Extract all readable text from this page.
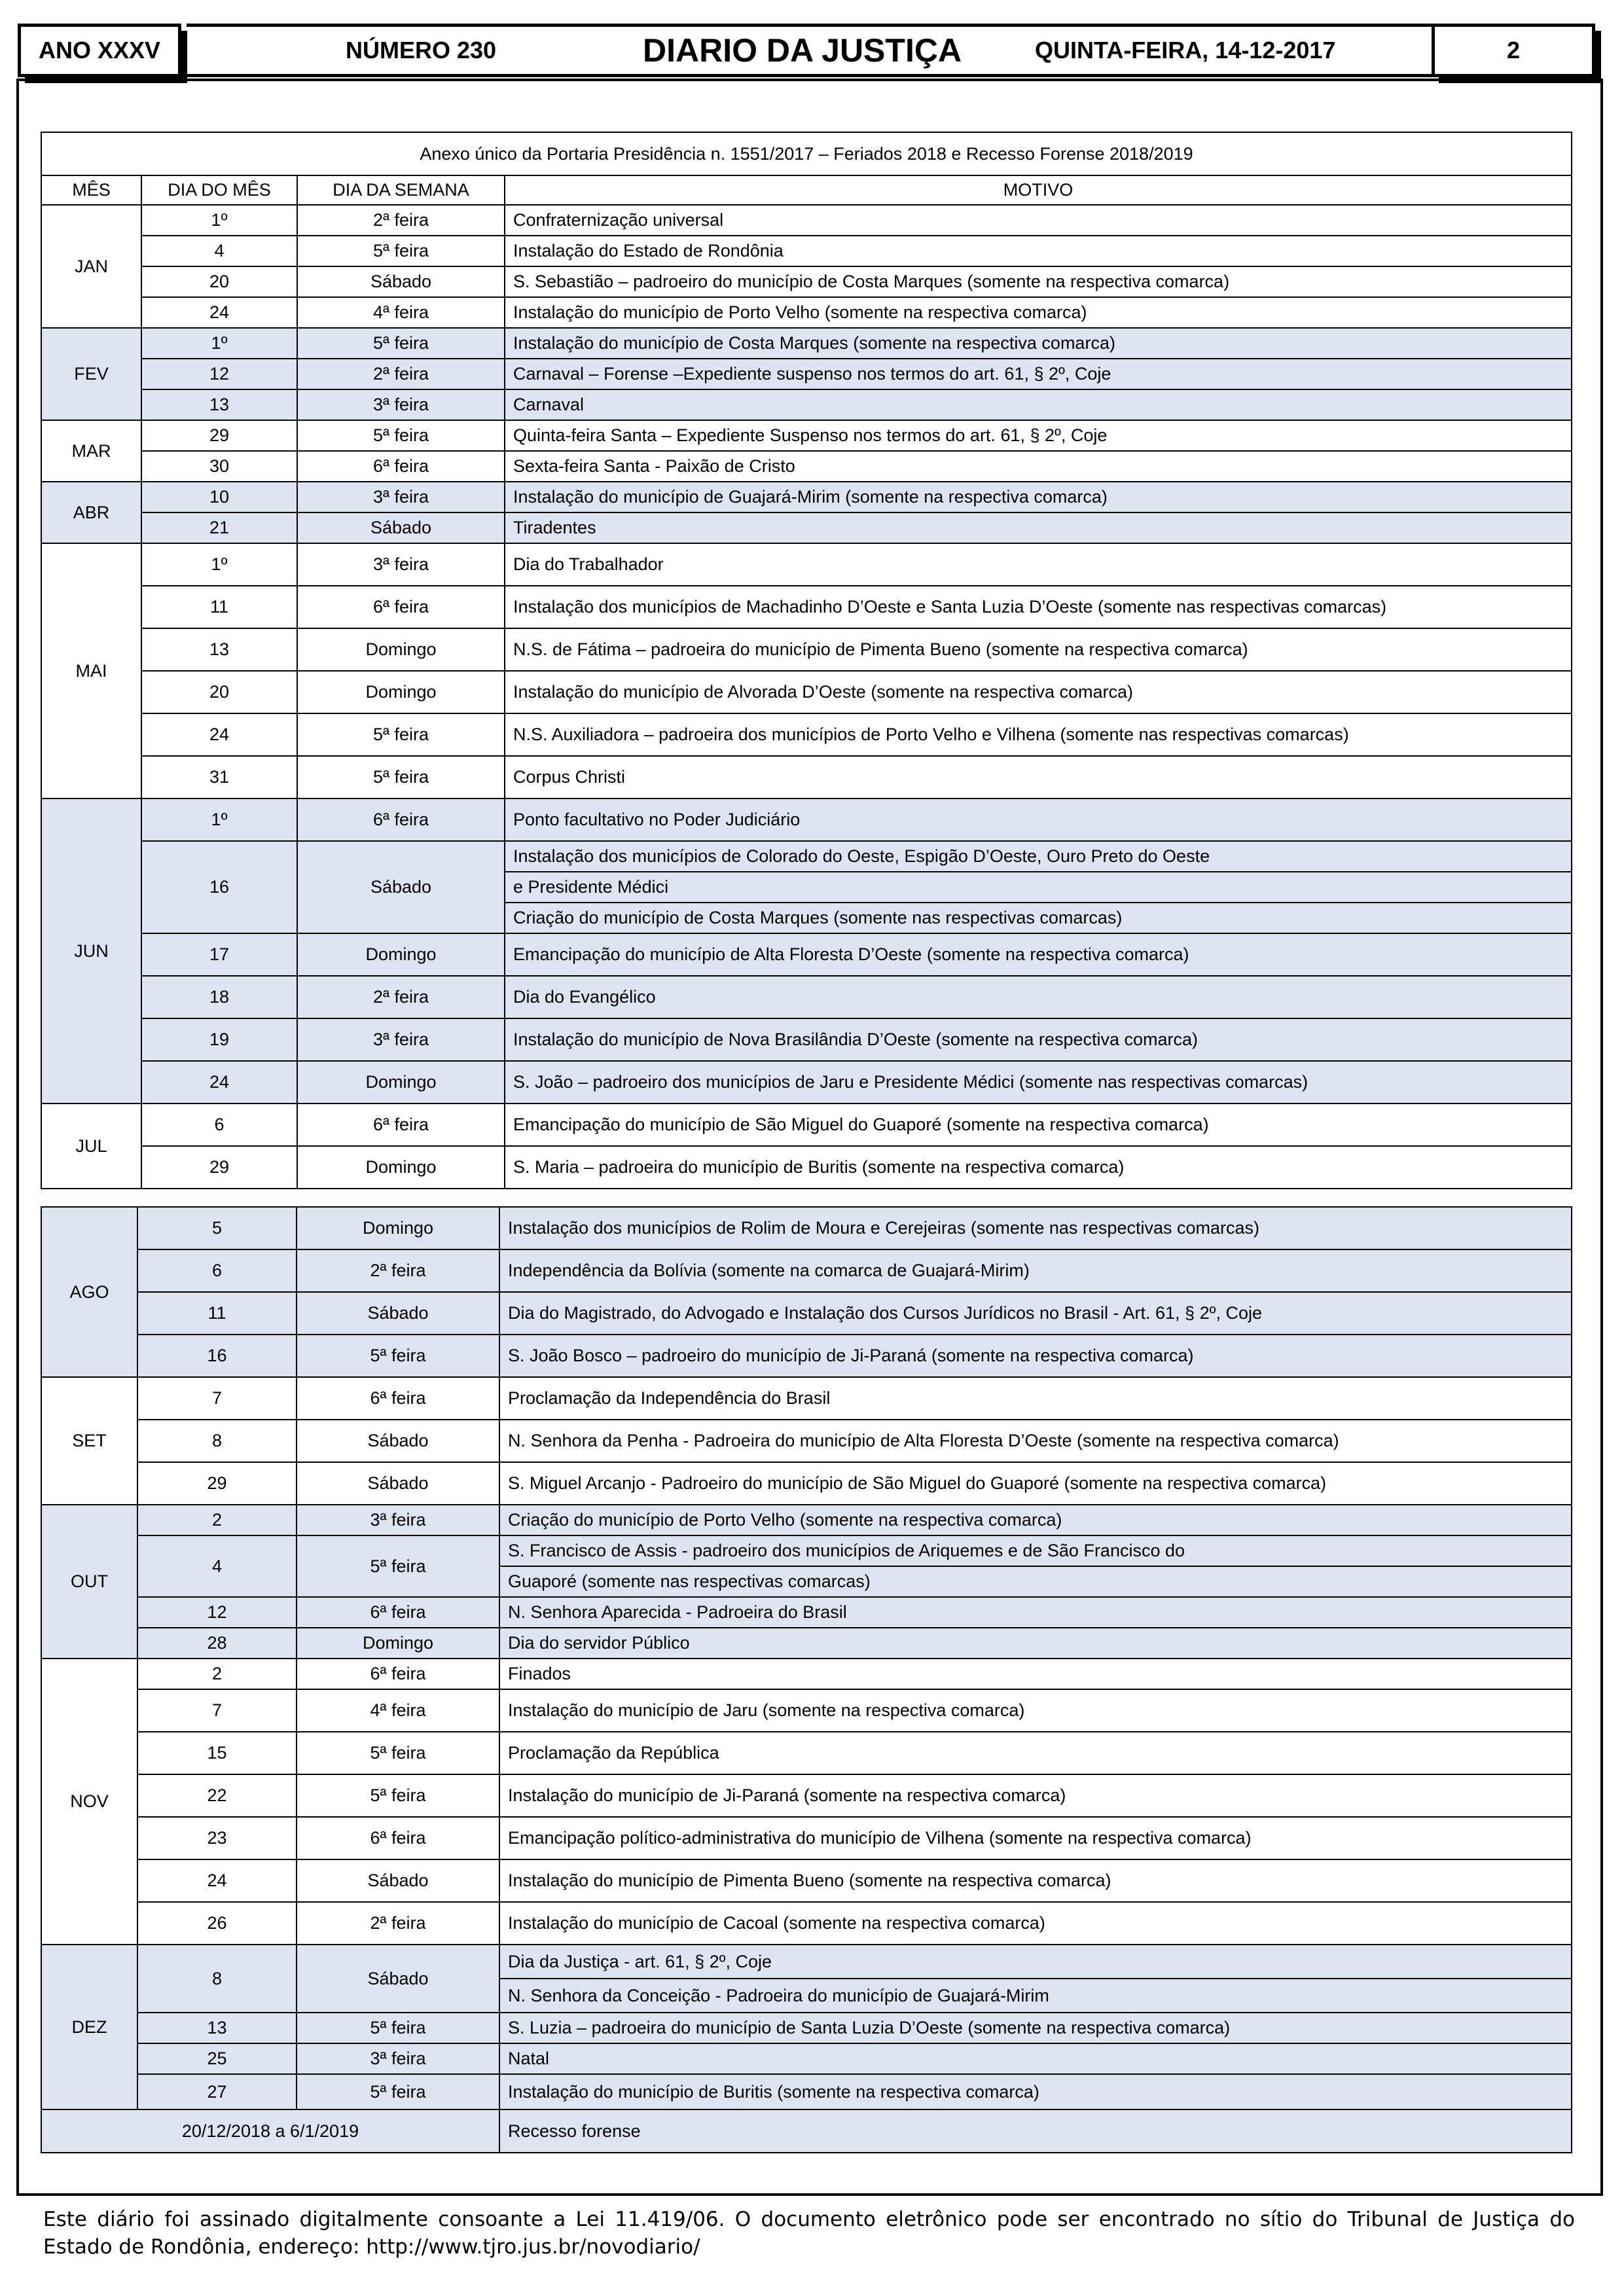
ANO XXXV	NÚMERO 230	DIARIO DA JUSTIÇA	QUINTA-FEIRA, 14-12-2017	2
Anexo único da Portaria Presidência n. 1551/2017 – Feriados 2018 e Recesso Forense 2018/2019			
MÊS	DIA DO MÊS	DIA DA SEMANA	MOTIVO
JAN	1º	2ª feira	Confraternização universal
	4	5ª feira	Instalação do Estado de Rondônia
	20	Sábado	S. Sebastião – padroeiro do município de Costa Marques (somente na respectiva comarca)
	24	4ª feira	Instalação do município de Porto Velho (somente na respectiva comarca)
FEV	1º	5ª feira	Instalação do município de Costa Marques (somente na respectiva comarca)
	12	2ª feira	Carnaval – Forense –Expediente suspenso nos termos do art. 61, § 2º, Coje
	13	3ª feira	Carnaval
MAR	29	5ª feira	Quinta-feira Santa – Expediente Suspenso nos termos do art. 61, § 2º, Coje
	30	6ª feira	Sexta-feira Santa - Paixão de Cristo
ABR	10	3ª feira	Instalação do município de Guajará-Mirim (somente na respectiva comarca)
	21	Sábado	Tiradentes
MAI	1º	3ª feira	Dia do Trabalhador
	11	6ª feira	Instalação dos municípios de Machadinho D’Oeste e Santa Luzia D’Oeste (somente nas respectivas comarcas)
	13	Domingo	N.S. de Fátima – padroeira do município de Pimenta Bueno (somente na respectiva comarca)
	20	Domingo	Instalação do município de Alvorada D’Oeste (somente na respectiva comarca)
	24	5ª feira	N.S. Auxiliadora – padroeira dos municípios de Porto Velho e Vilhena (somente nas respectivas comarcas)
	31	5ª feira	Corpus Christi
JUN	1º	6ª feira	Ponto facultativo no Poder Judiciário
	16	Sábado	Instalação dos municípios de Colorado do Oeste, Espigão D’Oeste, Ouro Preto do Oeste
			e Presidente Médici
			Criação do município de Costa Marques (somente nas respectivas comarcas)
	17	Domingo	Emancipação do município de Alta Floresta D’Oeste (somente na respectiva comarca)
	18	2ª feira	Dia do Evangélico
	19	3ª feira	Instalação do município de Nova Brasilândia D’Oeste (somente na respectiva comarca)
	24	Domingo	S. João – padroeiro dos municípios de Jaru e Presidente Médici (somente nas respectivas comarcas)
JUL	6	6ª feira	Emancipação do município de São Miguel do Guaporé (somente na respectiva comarca)
	29	Domingo	S. Maria – padroeira do município de Buritis (somente na respectiva comarca)
AGO	5	Domingo	Instalação dos municípios de Rolim de Moura e Cerejeiras (somente nas respectivas comarcas)
	6	2ª feira	Independência da Bolívia (somente na comarca de Guajará-Mirim)
	11	Sábado	Dia do Magistrado, do Advogado e Instalação dos Cursos Jurídicos no Brasil - Art. 61, § 2º, Coje
	16	5ª feira	S. João Bosco – padroeiro do município de Ji-Paraná (somente na respectiva comarca)
SET	7	6ª feira	Proclamação da Independência do Brasil
	8	Sábado	N. Senhora da Penha - Padroeira do município de Alta Floresta D’Oeste (somente na respectiva comarca)
	29	Sábado	S. Miguel Arcanjo - Padroeiro do município de São Miguel do Guaporé (somente na respectiva comarca)
OUT	2	3ª feira	Criação do município de Porto Velho (somente na respectiva comarca)
	4	5ª feira	S. Francisco de Assis - padroeiro dos municípios de Ariquemes e de São Francisco do
			Guaporé (somente nas respectivas comarcas)
	12	6ª feira	N. Senhora Aparecida - Padroeira do Brasil
	28	Domingo	Dia do servidor Público
NOV	2	6ª feira	Finados
	7	4ª feira	Instalação do município de Jaru (somente na respectiva comarca)
	15	5ª feira	Proclamação da República
	22	5ª feira	Instalação do município de Ji-Paraná (somente na respectiva comarca)
	23	6ª feira	Emancipação político-administrativa do município de Vilhena (somente na respectiva comarca)
	24	Sábado	Instalação do município de Pimenta Bueno (somente na respectiva comarca)
	26	2ª feira	Instalação do município de Cacoal (somente na respectiva comarca)
DEZ	8	Sábado	Dia da Justiça - art. 61, § 2º, Coje
			N. Senhora da Conceição - Padroeira do município de Guajará-Mirim
	13	5ª feira	S. Luzia – padroeira do município de Santa Luzia D’Oeste (somente na respectiva comarca)
	25	3ª feira	Natal
	27	5ª feira	Instalação do município de Buritis (somente na respectiva comarca)
20/12/2018 a 6/1/2019			Recesso forense
Este diário foi assinado digitalmente consoante a Lei 11.419/06. O documento eletrônico pode ser encontrado no sítio do Tribunal de Justiça do Estado de Rondônia, endereço: http://www.tjro.jus.br/novodiario/
